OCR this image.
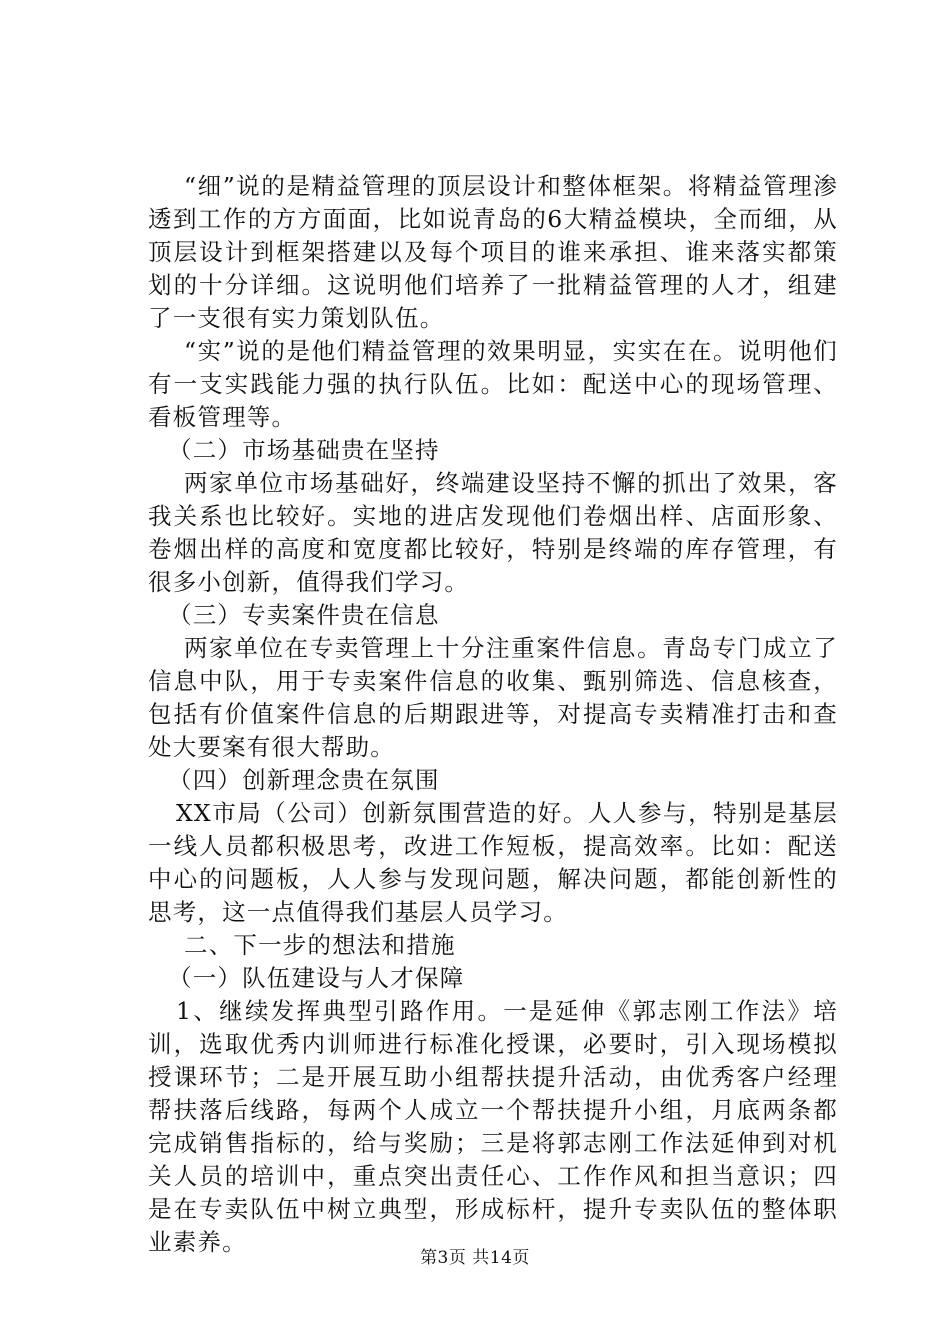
“细”说的是精益管理的顶层设计和整体框架。将精益管理渗透到工作的方方面面，比如说青岛的6大精益模块，全而细，从顶层设计到框架搭建以及每个项目的谁来承担、谁来落实都策划的十分详细。这说明他们培养了一批精益管理的人才，组建了一支很有实力策划队伍。

“实”说的是他们精益管理的效果明显，实实在在。说明他们有一支实践能力强的执行队伍。比如：配送中心的现场管理、看板管理等。

（二）市场基础贵在坚持

两家单位市场基础好，终端建设坚持不懈的抓出了效果，客我关系也比较好。实地的进店发现他们卷烟出样、店面形象、卷烟出样的高度和宽度都比较好，特别是终端的库存管理，有很多小创新，值得我们学习。

（三）专卖案件贵在信息

两家单位在专卖管理上十分注重案件信息。青岛专门成立了信息中队，用于专卖案件信息的收集、甄别筛选、信息核查，包括有价值案件信息的后期跟进等，对提高专卖精准打击和查处大要案有很大帮助。

（四）创新理念贵在氛围

XX市局（公司）创新氛围营造的好。人人参与，特别是基层一线人员都积极思考，改进工作短板，提高效率。比如：配送中心的问题板，人人参与发现问题，解决问题，都能创新性的思考，这一点值得我们基层人员学习。

二、下一步的想法和措施

（一）队伍建设与人才保障

1、继续发挥典型引路作用。一是延伸《郭志刚工作法》培训，选取优秀内训师进行标准化授课，必要时，引入现场模拟授课环节；二是开展互助小组帮扶提升活动，由优秀客户经理帮扶落后线路，每两个人成立一个帮扶提升小组，月底两条都完成销售指标的，给与奖励；三是将郭志刚工作法延伸到对机关人员的培训中，重点突出责任心、工作作风和担当意识；四是在专卖队伍中树立典型，形成标杆，提升专卖队伍的整体职业素养。

第3页 共14页
